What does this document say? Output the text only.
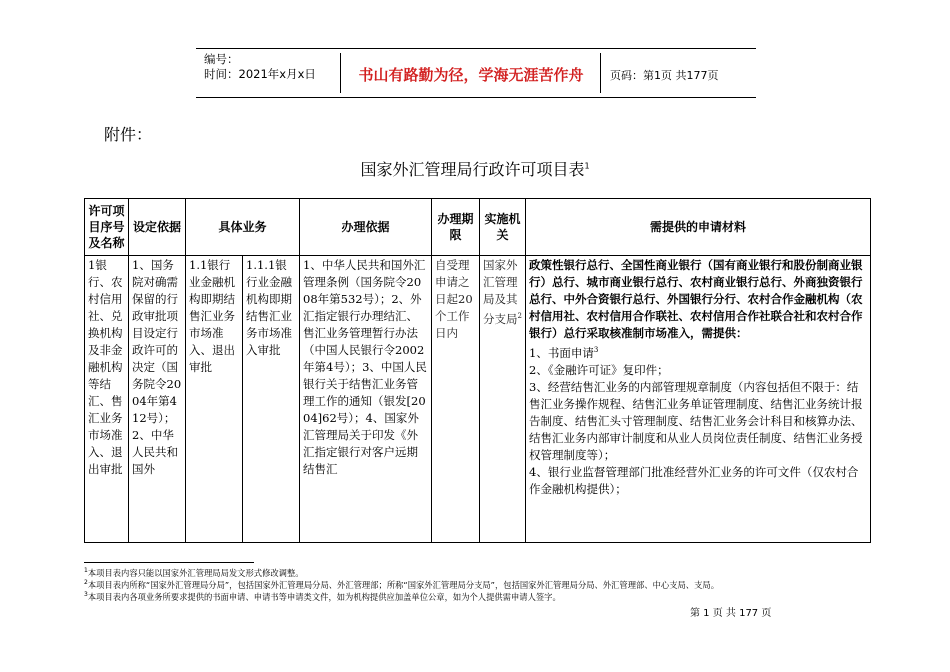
编号：
时间：2021年x月x日	书山有路勤为径，学海无涯苦作舟	页码：第1页 共177页
附件：
国家外汇管理局行政许可项目表$^1$
许可项目序号及名称	设定依据	具体业务		办理依据	办理期限	实施机关	需提供的申请材料
1银行、农村信用社、兑换机构及非金融机构等结汇、售汇业务市场准入、退出审批	1、国务院对确需保留的行政审批项目设定行政许可的决定（国务院令2004年第412号）；2、中华人民共和国外	1.1银行业金融机构即期结售汇业务市场准入、退出审批	1.1.1银行业金融机构即期结售汇业务市场准入审批	1、中华人民共和国外汇管理条例（国务院令2008年第532号）；2、外汇指定银行办理结汇、售汇业务管理暂行办法（中国人民银行令2002年第4号）；3、中国人民银行关于结售汇业务管理工作的通知（银发[2004]62号）；4、国家外汇管理局关于印发《外汇指定银行对客户远期结售汇	自受理申请之日起20个工作日内	国家外汇管理局及其分支局$^2$	政策性银行总行、全国性商业银行（国有商业银行和股份制商业银行）总行、城市商业银行总行、农村商业银行总行、外商独资银行总行、中外合资银行总行、外国银行分行、农村合作金融机构（农村信用社、农村信用合作联社、农村信用合作社联合社和农村合作银行）总行采取核准制市场准入，需提供：

1、书面申请$^3$

2、《金融许可证》复印件；

3、经营结售汇业务的内部管理规章制度（内容包括但不限于：结售汇业务操作规程、结售汇业务单证管理制度、结售汇业务统计报告制度、结售汇头寸管理制度、结售汇业务会计科目和核算办法、结售汇业务内部审计制度和从业人员岗位责任制度、结售汇业务授权管理制度等）；

4、银行业监督管理部门批准经营外汇业务的许可文件（仅农村合作金融机构提供）；

$^1$本项目表内容只能以国家外汇管理局局发文形式修改调整。
$^2$本项目表内所称“国家外汇管理局分局”，包括国家外汇管理局分局、外汇管理部；所称“国家外汇管理局分支局”，包括国家外汇管理局分局、外汇管理部、中心支局、支局。
$^3$本项目表内各项业务所要求提供的书面申请、申请书等申请类文件，如为机构提供应加盖单位公章，如为个人提供需申请人签字。
第 1 页 共 177 页
